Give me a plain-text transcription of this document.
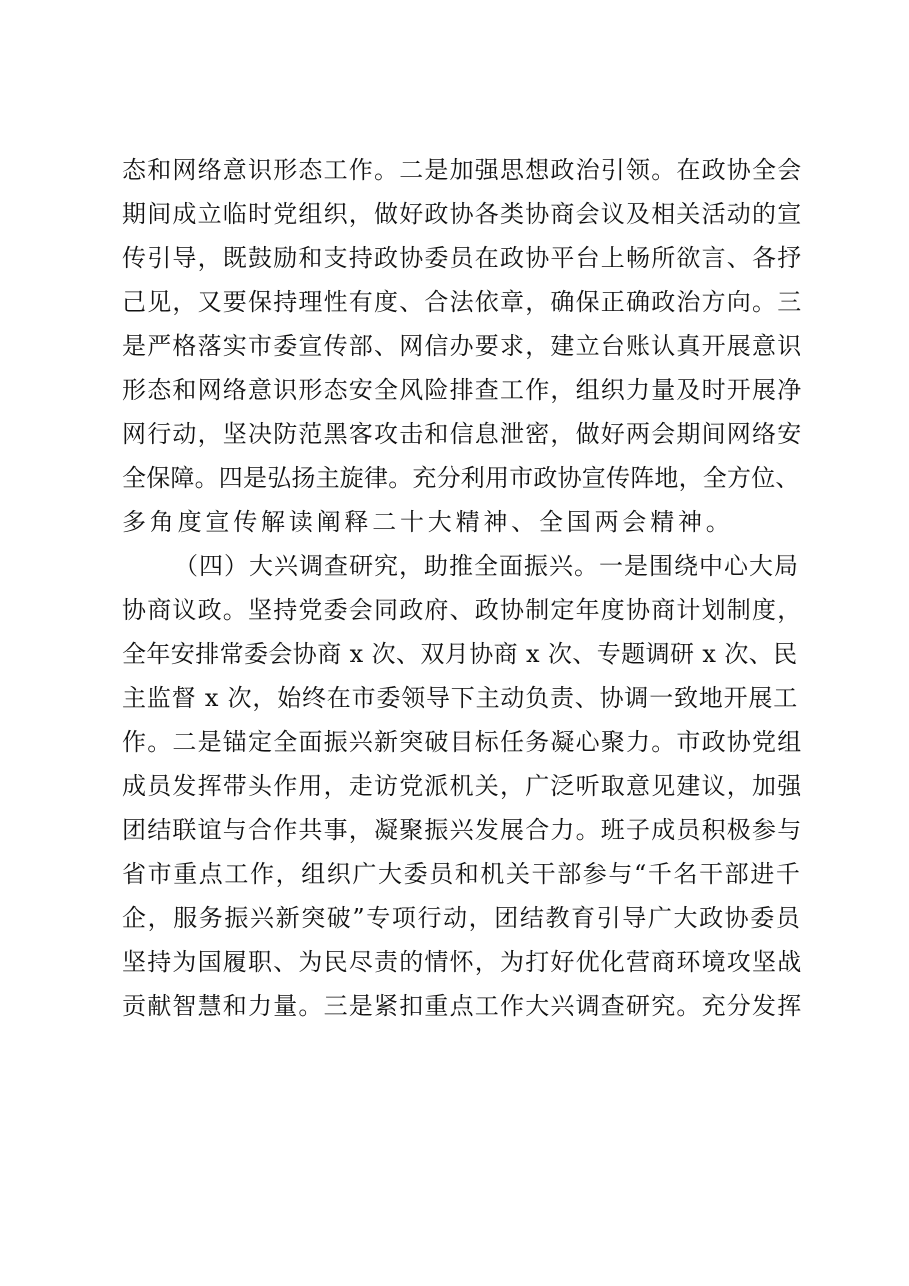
态和网络意识形态工作。二是加强思想政治引领。在政协全会
期间成立临时党组织，做好政协各类协商会议及相关活动的宣
传引导，既鼓励和支持政协委员在政协平台上畅所欲言、各抒
己见，又要保持理性有度、合法依章，确保正确政治方向。三
是严格落实市委宣传部、网信办要求，建立台账认真开展意识
形态和网络意识形态安全风险排查工作，组织力量及时开展净
网行动，坚决防范黑客攻击和信息泄密，做好两会期间网络安
全保障。四是弘扬主旋律。充分利用市政协宣传阵地，全方位、
多角度宣传解读阐释二十大精神、全国两会精神。
（四）大兴调查研究，助推全面振兴。一是围绕中心大局
协商议政。坚持党委会同政府、政协制定年度协商计划制度，
全年安排常委会协商 x 次、双月协商 x 次、专题调研 x 次、民
主监督 x 次，始终在市委领导下主动负责、协调一致地开展工
作。二是锚定全面振兴新突破目标任务凝心聚力。市政协党组
成员发挥带头作用，走访党派机关，广泛听取意见建议，加强
团结联谊与合作共事，凝聚振兴发展合力。班子成员积极参与
省市重点工作，组织广大委员和机关干部参与“千名干部进千
企，服务振兴新突破”专项行动，团结教育引导广大政协委员
坚持为国履职、为民尽责的情怀，为打好优化营商环境攻坚战
贡献智慧和力量。三是紧扣重点工作大兴调查研究。充分发挥
